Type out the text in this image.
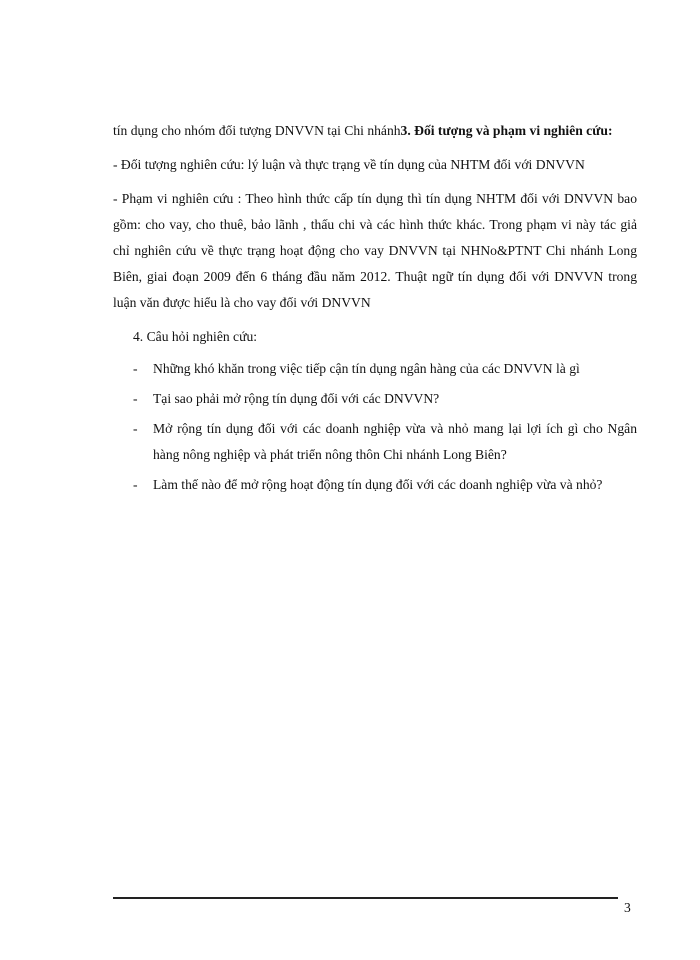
tín dụng cho nhóm đối tượng DNVVN tại Chi nhánh3. Đối tượng và phạm vi nghiên cứu:

- Đối tượng nghiên cứu: lý luận và thực trạng về tín dụng của NHTM đối với DNVVN

- Phạm vi nghiên cứu : Theo hình thức cấp tín dụng thì tín dụng NHTM đối với DNVVN bao gồm: cho vay, cho thuê, bảo lãnh , thấu chi và các hình thức khác. Trong phạm vi này tác giả chỉ nghiên cứu về thực trạng hoạt động cho vay DNVVN tại NHNo&PTNT Chi nhánh Long Biên, giai đoạn 2009 đến 6 tháng đầu năm 2012. Thuật ngữ tín dụng đối với DNVVN trong luận văn được hiểu là cho vay đối với DNVVN

4. Câu hỏi nghiên cứu:

- Những khó khăn trong việc tiếp cận tín dụng ngân hàng của các DNVVN là gì
- Tại sao phải mở rộng tín dụng đối với các DNVVN?
- Mở rộng tín dụng đối với các doanh nghiệp vừa và nhỏ mang lại lợi ích gì cho Ngân hàng nông nghiệp và phát triển nông thôn Chi nhánh Long Biên?
- Làm thế nào để mở rộng hoạt động tín dụng đối với các doanh nghiệp vừa và nhỏ?
3
